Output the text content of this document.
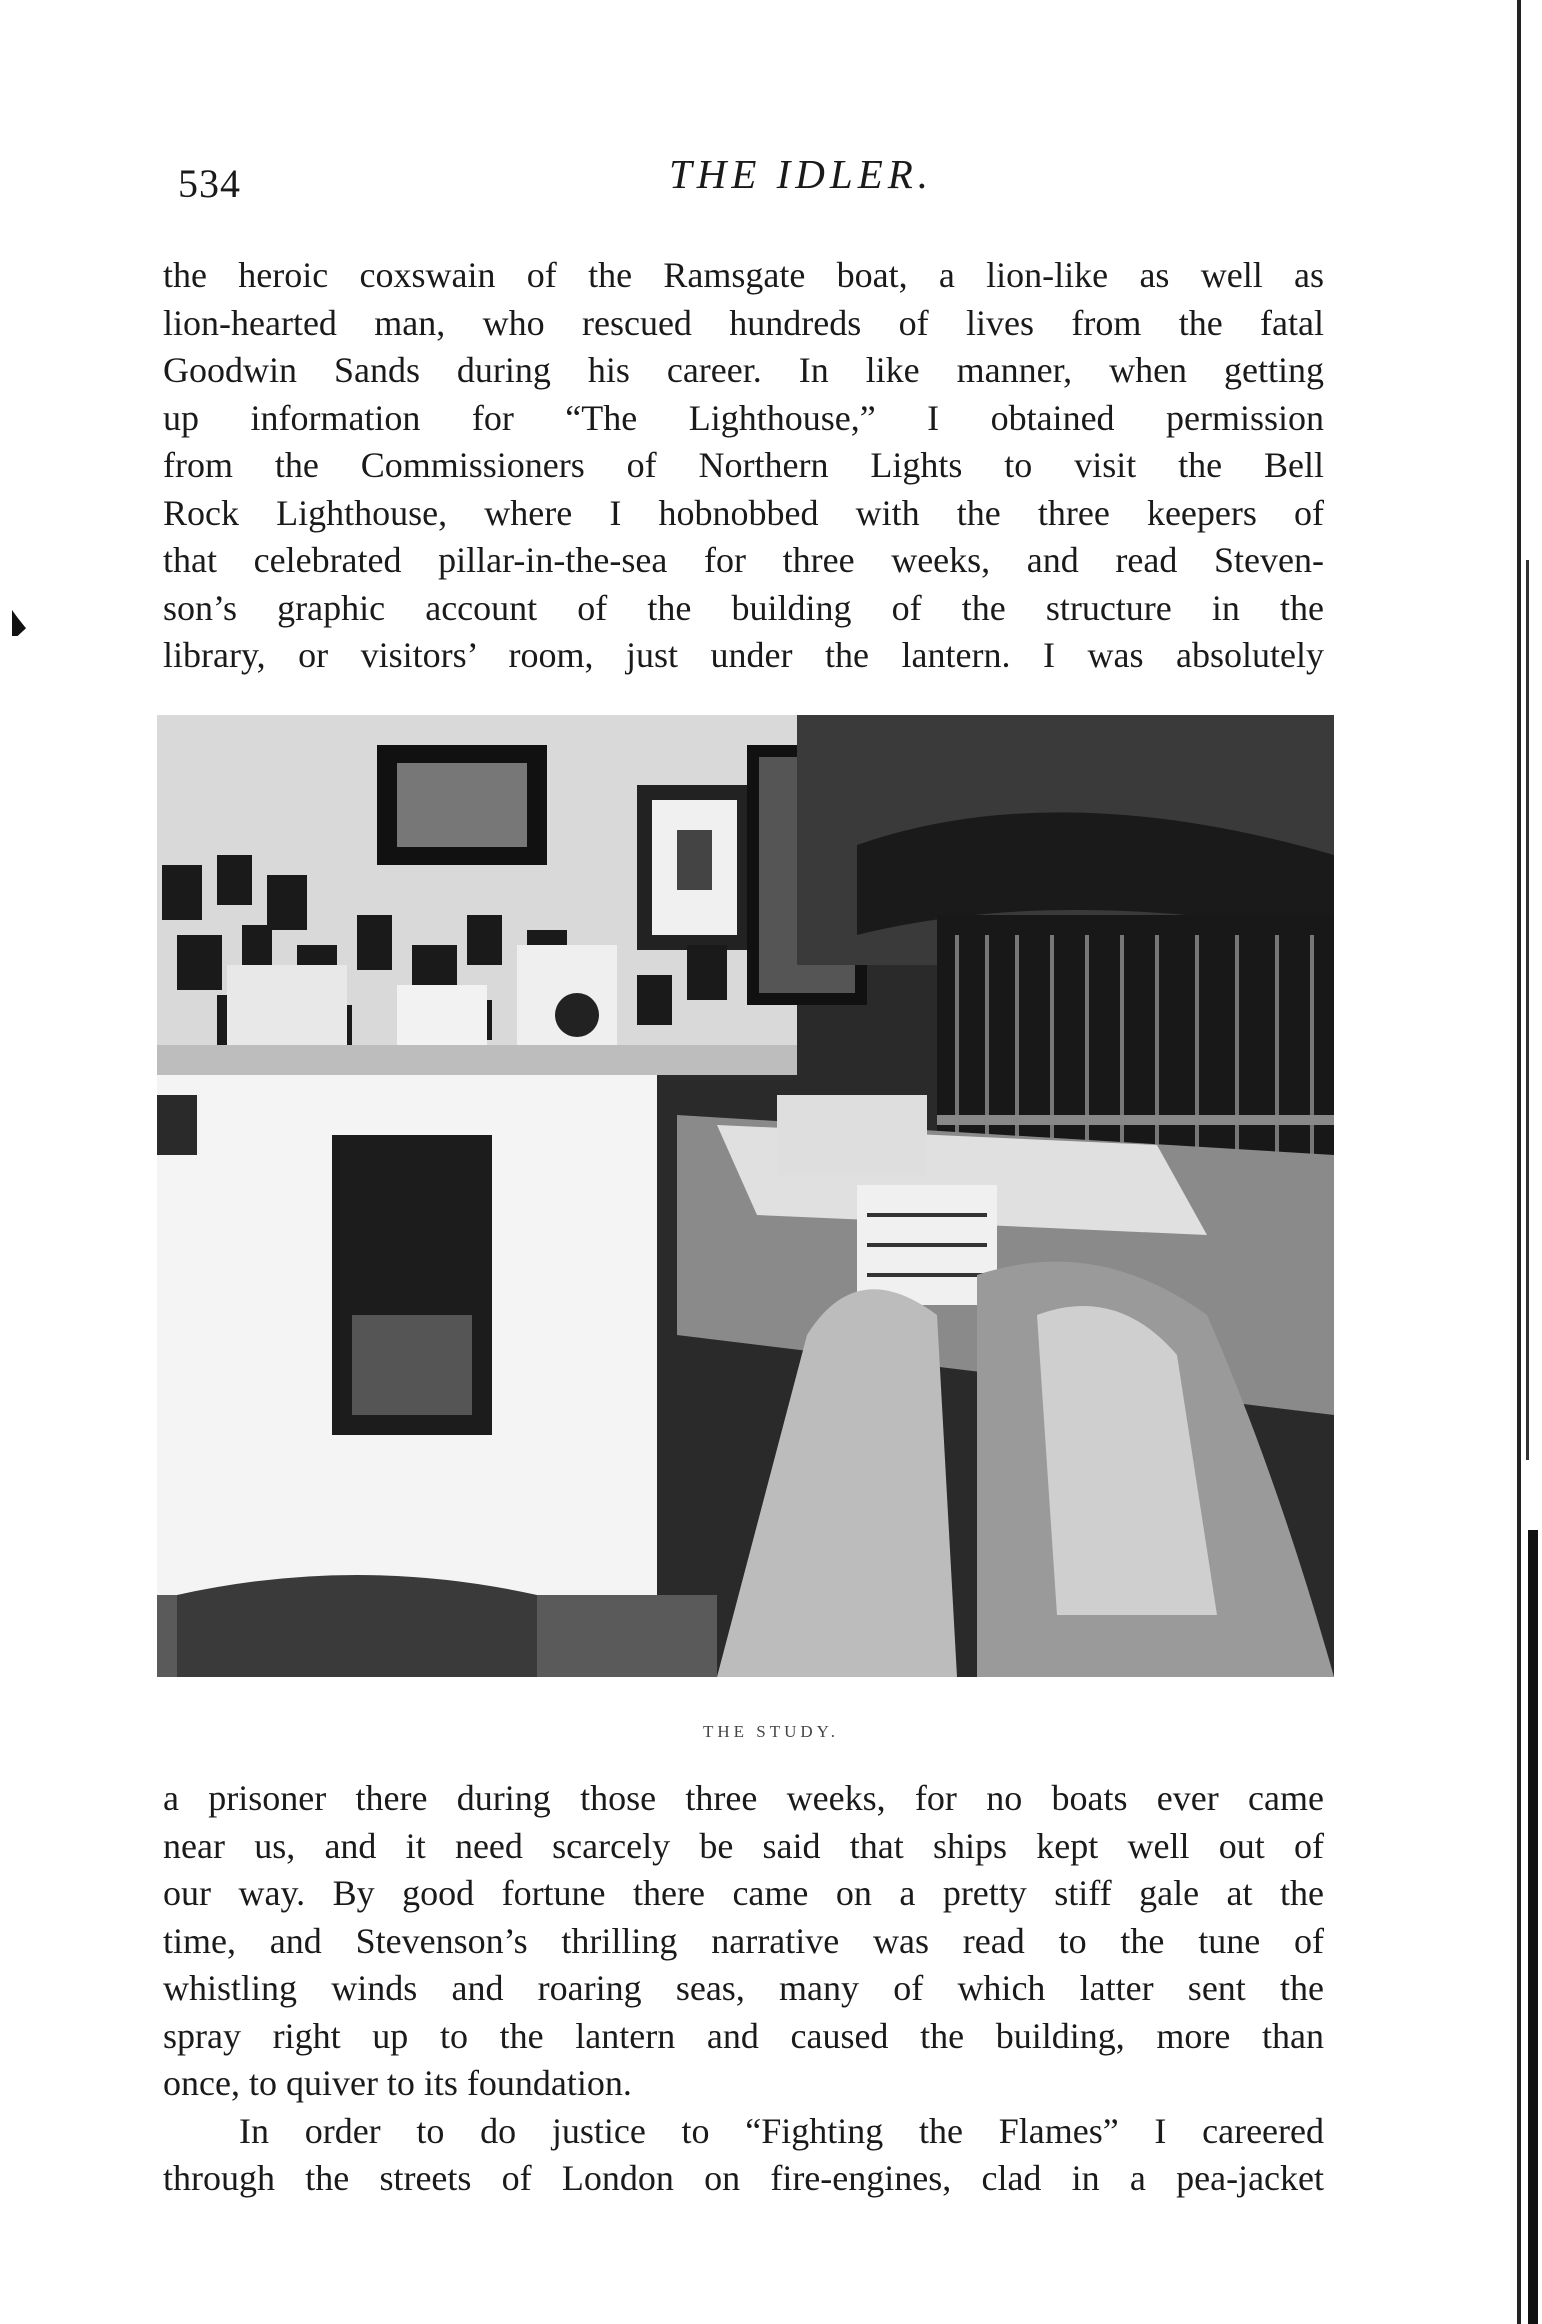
534	THE IDLER.
the heroic coxswain of the Ramsgate boat, a lion-like as well as
lion-hearted man, who rescued hundreds of lives from the fatal
Goodwin Sands during his career. In like manner, when getting
up information for “The Lighthouse,” I obtained permission
from the Commissioners of Northern Lights to visit the Bell
Rock Lighthouse, where I hobnobbed with the three keepers of
that celebrated pillar-in-the-sea for three weeks, and read Steven-
son’s graphic account of the building of the structure in the
library, or visitors’ room, just under the lantern. I was absolutely
THE STUDY.
a prisoner there during those three weeks, for no boats ever came
near us, and it need scarcely be said that ships kept well out of
our way. By good fortune there came on a pretty stiff gale at the
time, and Stevenson’s thrilling narrative was read to the tune of
whistling winds and roaring seas, many of which latter sent the
spray right up to the lantern and caused the building, more than
once, to quiver to its foundation.
In order to do justice to “Fighting the Flames” I careered
through the streets of London on fire-engines, clad in a pea-jacket
